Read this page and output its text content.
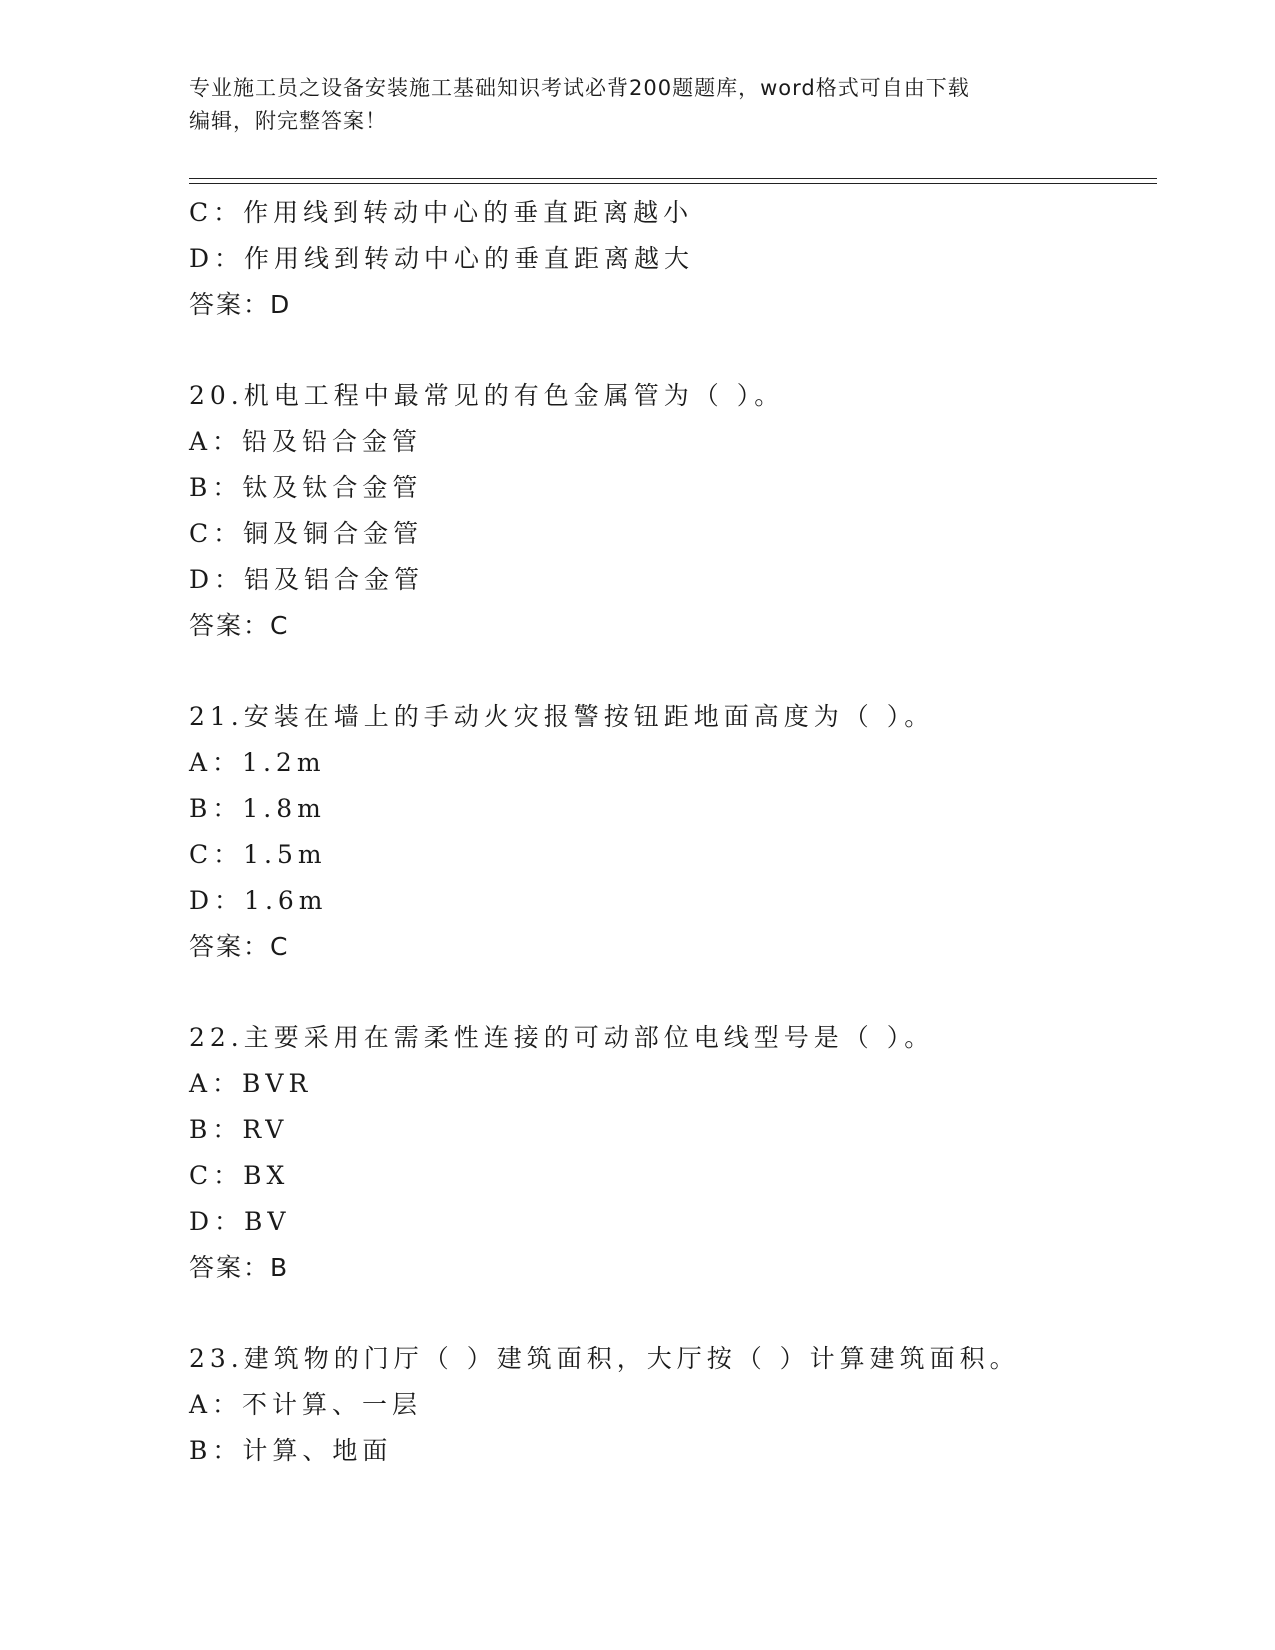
专业施工员之设备安装施工基础知识考试必背200题题库，word格式可自由下载
编辑，附完整答案！
C：作用线到转动中心的垂直距离越小
D：作用线到转动中心的垂直距离越大
答案：D
20.机电工程中最常见的有色金属管为（ ）。
A：铅及铅合金管
B：钛及钛合金管
C：铜及铜合金管
D：铝及铝合金管
答案：C
21.安装在墙上的手动火灾报警按钮距地面高度为（ ）。
A：1.2m
B：1.8m
C：1.5m
D：1.6m
答案：C
22.主要采用在需柔性连接的可动部位电线型号是（ ）。
A：BVR
B：RV
C：BX
D：BV
答案：B
23.建筑物的门厅（ ）建筑面积，大厅按（ ）计算建筑面积。
A：不计算、一层
B：计算、地面
